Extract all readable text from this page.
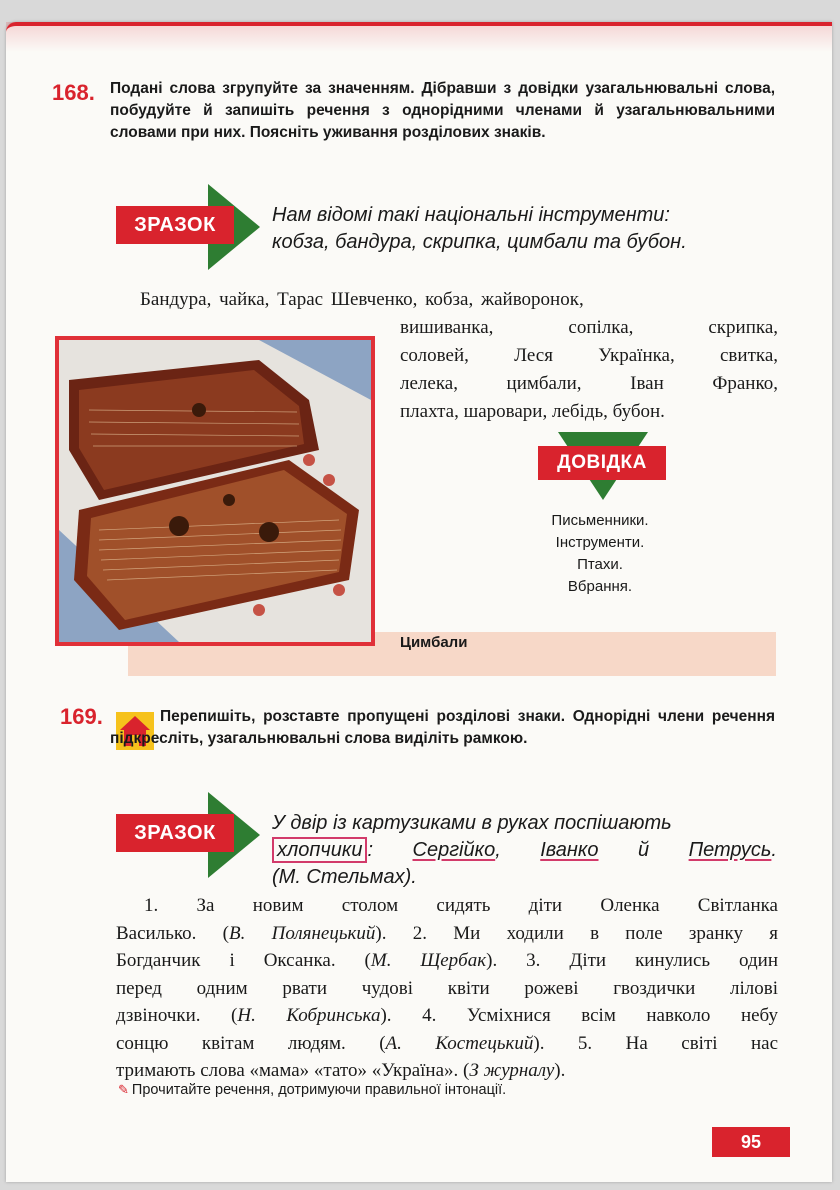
168. Подані слова згрупуйте за значенням. Дібравши з довідки узагальнювальні слова, побудуйте й запишіть речення з однорідними членами й узагальнювальними словами при них. Поясніть уживання розділових знаків.
ЗРАЗОК	Нам відомі такі національні інструменти:
кобза, бандура, скрипка, цимбали та бубон.
Бандура, чайка, Тарас Шевченко, кобза, жайворонок,
вишиванка, сопілка, скрипка,
соловей, Леся Українка, свитка,
лелека, цимбали, Іван Франко,
плахта, шаровари, лебідь, бубон.
Цимбали
ДОВІДКА
Письменники.
Інструменти.
Птахи.
Вбрання.
169.	Перепишіть, розставте пропущені розділові знаки. Однорідні члени речення підкресліть, узагальнювальні слова виділіть рамкою.
ЗРАЗОК	У двір із картузиками в руках поспішають
хлопчики : Сергійко, Іванко й Петрусь.
(М. Стельмах).
1. За новим столом сидять діти Оленка Світланка
Василько. (В. Полянецький). 2. Ми ходили в поле зранку я
Богданчик і Оксанка. (М. Щербак). 3. Діти кинулись один
перед одним рвати чудові квіти рожеві гвоздички лілові
дзвіночки. (Н. Кобринська). 4. Усміхнися всім навколо небу
сонцю квітам людям. (А. Костецький). 5. На світі нас
тримають слова «мама» «тато» «Україна». (З журналу).
✎ Прочитайте речення, дотримуючи правильної інтонації.
95
